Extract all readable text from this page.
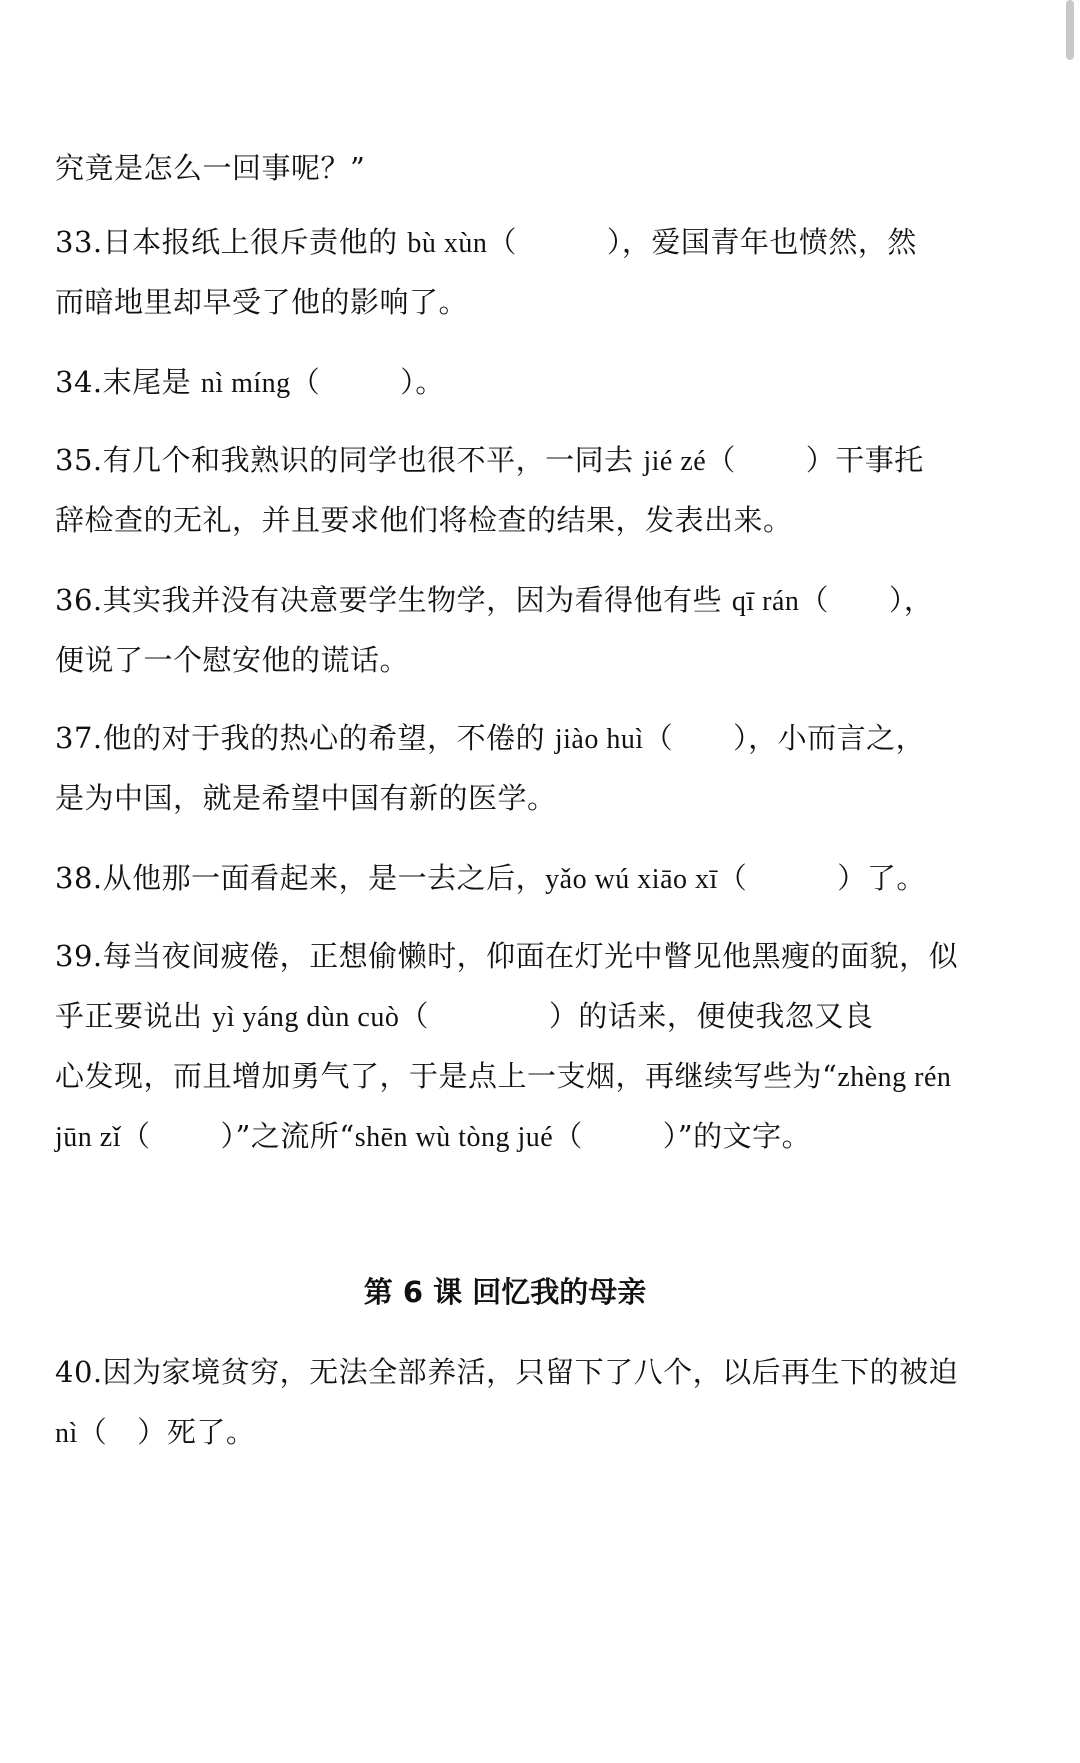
究竟是怎么一回事呢？”
33.日本报纸上很斥责他的 bù xùn（	），爱国青年也愤然，然
而暗地里却早受了他的影响了。
34.末尾是 nì míng（	）。
35.有几个和我熟识的同学也很不平，一同去 jié zé（ ）干事托
辞检查的无礼，并且要求他们将检查的结果，发表出来。
36.其实我并没有决意要学生物学，因为看得他有些 qī rán（ ），
便说了一个慰安他的谎话。
37.他的对于我的热心的希望，不倦的 jiào huì（ ），小而言之，
是为中国，就是希望中国有新的医学。
38.从他那一面看起来，是一去之后，yǎo wú xiāo xī（	）了。
39.每当夜间疲倦，正想偷懒时，仰面在灯光中瞥见他黑瘦的面貌，似
乎正要说出 yì yáng dùn cuò（	）的话来，便使我忽又良
心发现，而且增加勇气了，于是点上一支烟，再继续写些为“zhèng rén
jūn zǐ（ ）”之流所“shēn wù tòng jué（	）”的文字。
第 6 课 回忆我的母亲
40.因为家境贫穷，无法全部养活，只留下了八个，以后再生下的被迫
nì（ ）死了。
